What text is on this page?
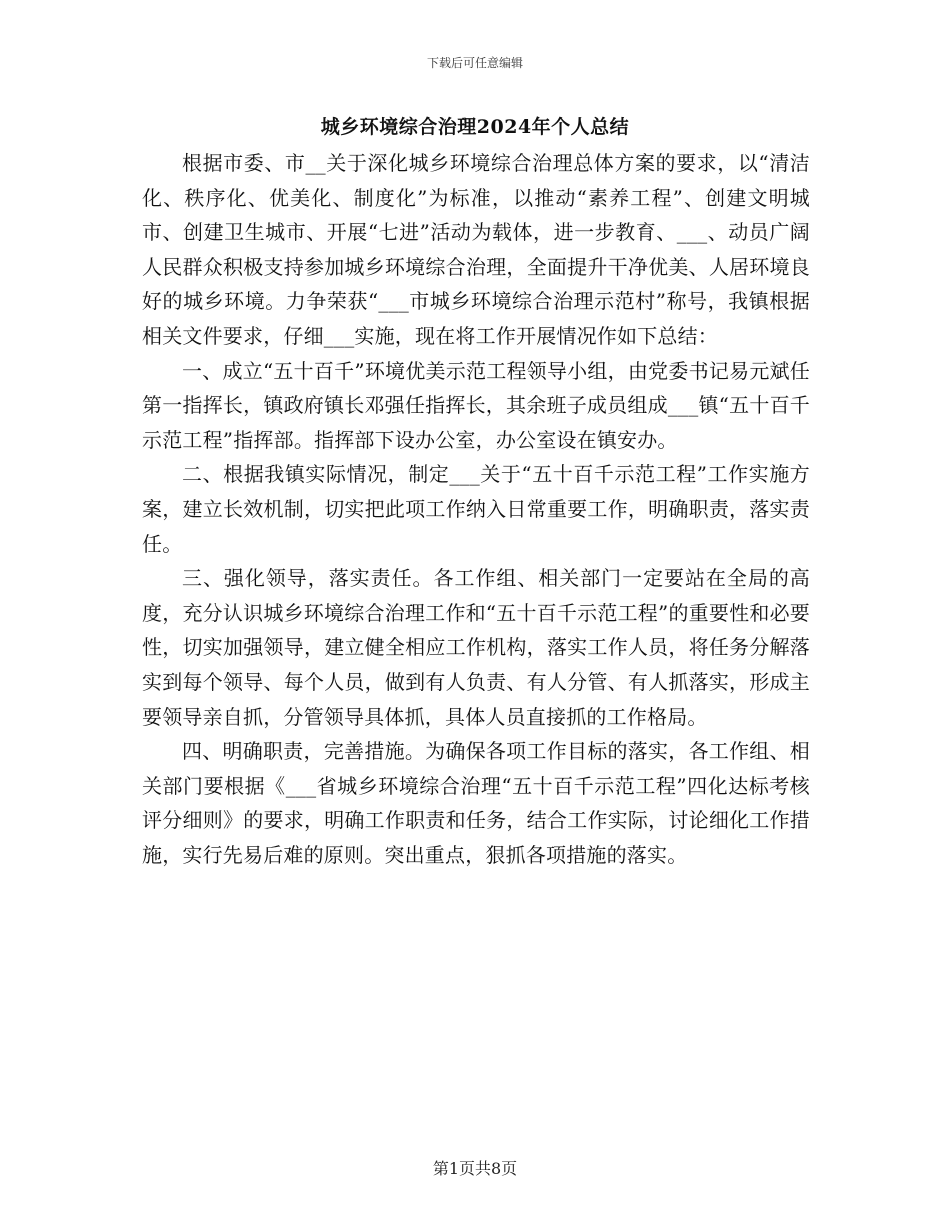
下载后可任意编辑
城乡环境综合治理2024年个人总结

根据市委、市__关于深化城乡环境综合治理总体方案的要求，以“清洁化、秩序化、优美化、制度化”为标准，以推动“素养工程”、创建文明城市、创建卫生城市、开展“七进”活动为载体，进一步教育、___、动员广阔人民群众积极支持参加城乡环境综合治理，全面提升干净优美、人居环境良好的城乡环境。力争荣获“___市城乡环境综合治理示范村”称号，我镇根据相关文件要求，仔细___实施，现在将工作开展情况作如下总结：

一、成立“五十百千”环境优美示范工程领导小组，由党委书记易元斌任第一指挥长，镇政府镇长邓强任指挥长，其余班子成员组成___镇“五十百千示范工程”指挥部。指挥部下设办公室，办公室设在镇安办。

二、根据我镇实际情况，制定___关于“五十百千示范工程”工作实施方案，建立长效机制，切实把此项工作纳入日常重要工作，明确职责，落实责任。

三、强化领导，落实责任。各工作组、相关部门一定要站在全局的高度，充分认识城乡环境综合治理工作和“五十百千示范工程”的重要性和必要性，切实加强领导，建立健全相应工作机构，落实工作人员，将任务分解落实到每个领导、每个人员，做到有人负责、有人分管、有人抓落实，形成主要领导亲自抓，分管领导具体抓，具体人员直接抓的工作格局。

四、明确职责，完善措施。为确保各项工作目标的落实，各工作组、相关部门要根据《___省城乡环境综合治理“五十百千示范工程”四化达标考核评分细则》的要求，明确工作职责和任务，结合工作实际，讨论细化工作措施，实行先易后难的原则。突出重点，狠抓各项措施的落实。

第1页共8页
